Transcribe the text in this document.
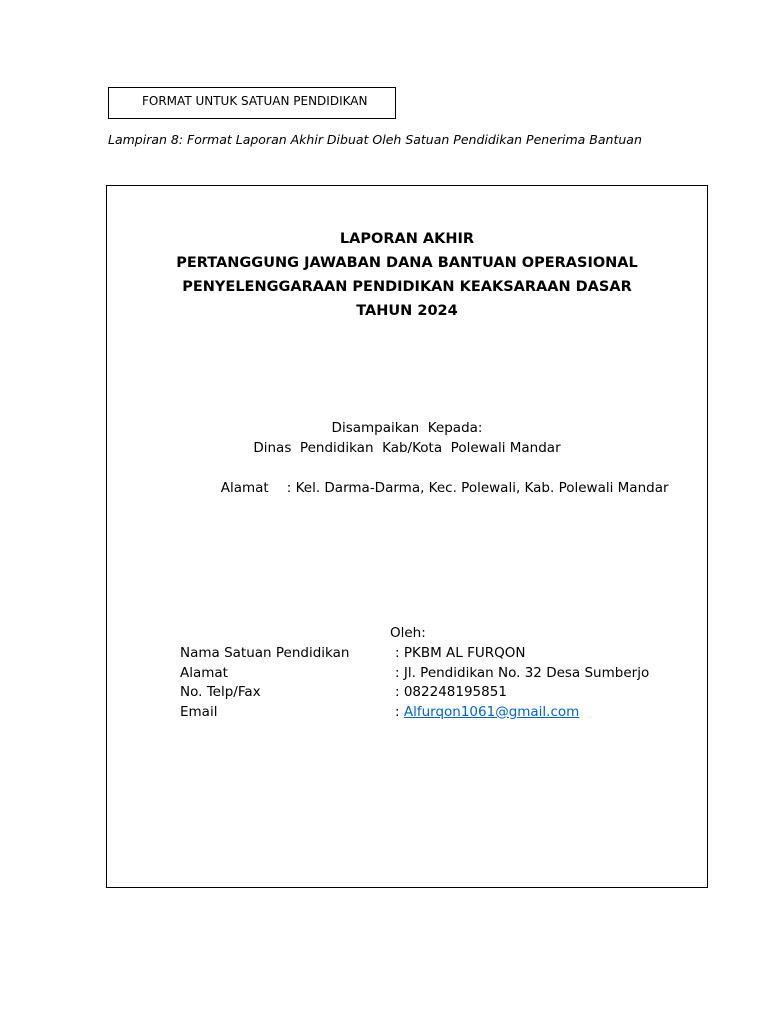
FORMAT UNTUK SATUAN PENDIDIKAN
Lampiran 8: Format Laporan Akhir Dibuat Oleh Satuan Pendidikan Penerima Bantuan
LAPORAN AKHIR
PERTANGGUNG JAWABAN DANA BANTUAN OPERASIONAL
PENYELENGGARAAN PENDIDIKAN KEAKSARAAN DASAR
TAHUN 2024
Disampaikan  Kepada:
Dinas  Pendidikan  Kab/Kota  Polewali Mandar

Alamat : Kel. Darma-Darma, Kec. Polewali, Kab. Polewali Mandar

Oleh:
Nama Satuan Pendidikan	: PKBM AL FURQON
Alamat	: Jl. Pendidikan No. 32 Desa Sumberjo
No. Telp/Fax	: 082248195851
Email	: Alfurqon1061@gmail.com
